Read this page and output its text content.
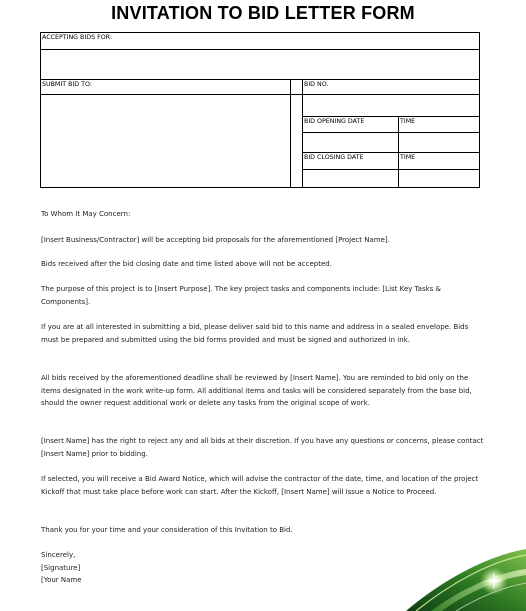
INVITATION TO BID LETTER FORM
ACCEPTING BIDS FOR:
SUBMIT BID TO:	BID NO.
BID OPENING DATE	TIME
BID CLOSING DATE	TIME

To Whom It May Concern:

[Insert Business/Contractor] will be accepting bid proposals for the aforementioned [Project Name].

Bids received after the bid closing date and time listed above will not be accepted.

The purpose of this project is to [Insert Purpose]. The key project tasks and components include: [List Key Tasks & Components].

If you are at all interested in submitting a bid, please deliver said bid to this name and address in a sealed envelope. Bids must be prepared and submitted using the bid forms provided and must be signed and authorized in ink.

All bids received by the aforementioned deadline shall be reviewed by [Insert Name]. You are reminded to bid only on the items designated in the work write-up form. All additional items and tasks will be considered separately from the base bid, should the owner request additional work or delete any tasks from the original scope of work.

[Insert Name] has the right to reject any and all bids at their discretion. If you have any questions or concerns, please contact [Insert Name] prior to bidding.

If selected, you will receive a Bid Award Notice, which will advise the contractor of the date, time, and location of the project Kickoff that must take place before work can start. After the Kickoff, [Insert Name] will issue a Notice to Proceed.

Thank you for your time and your consideration of this Invitation to Bid.

Sincerely,

[Signature]

[Your Name
